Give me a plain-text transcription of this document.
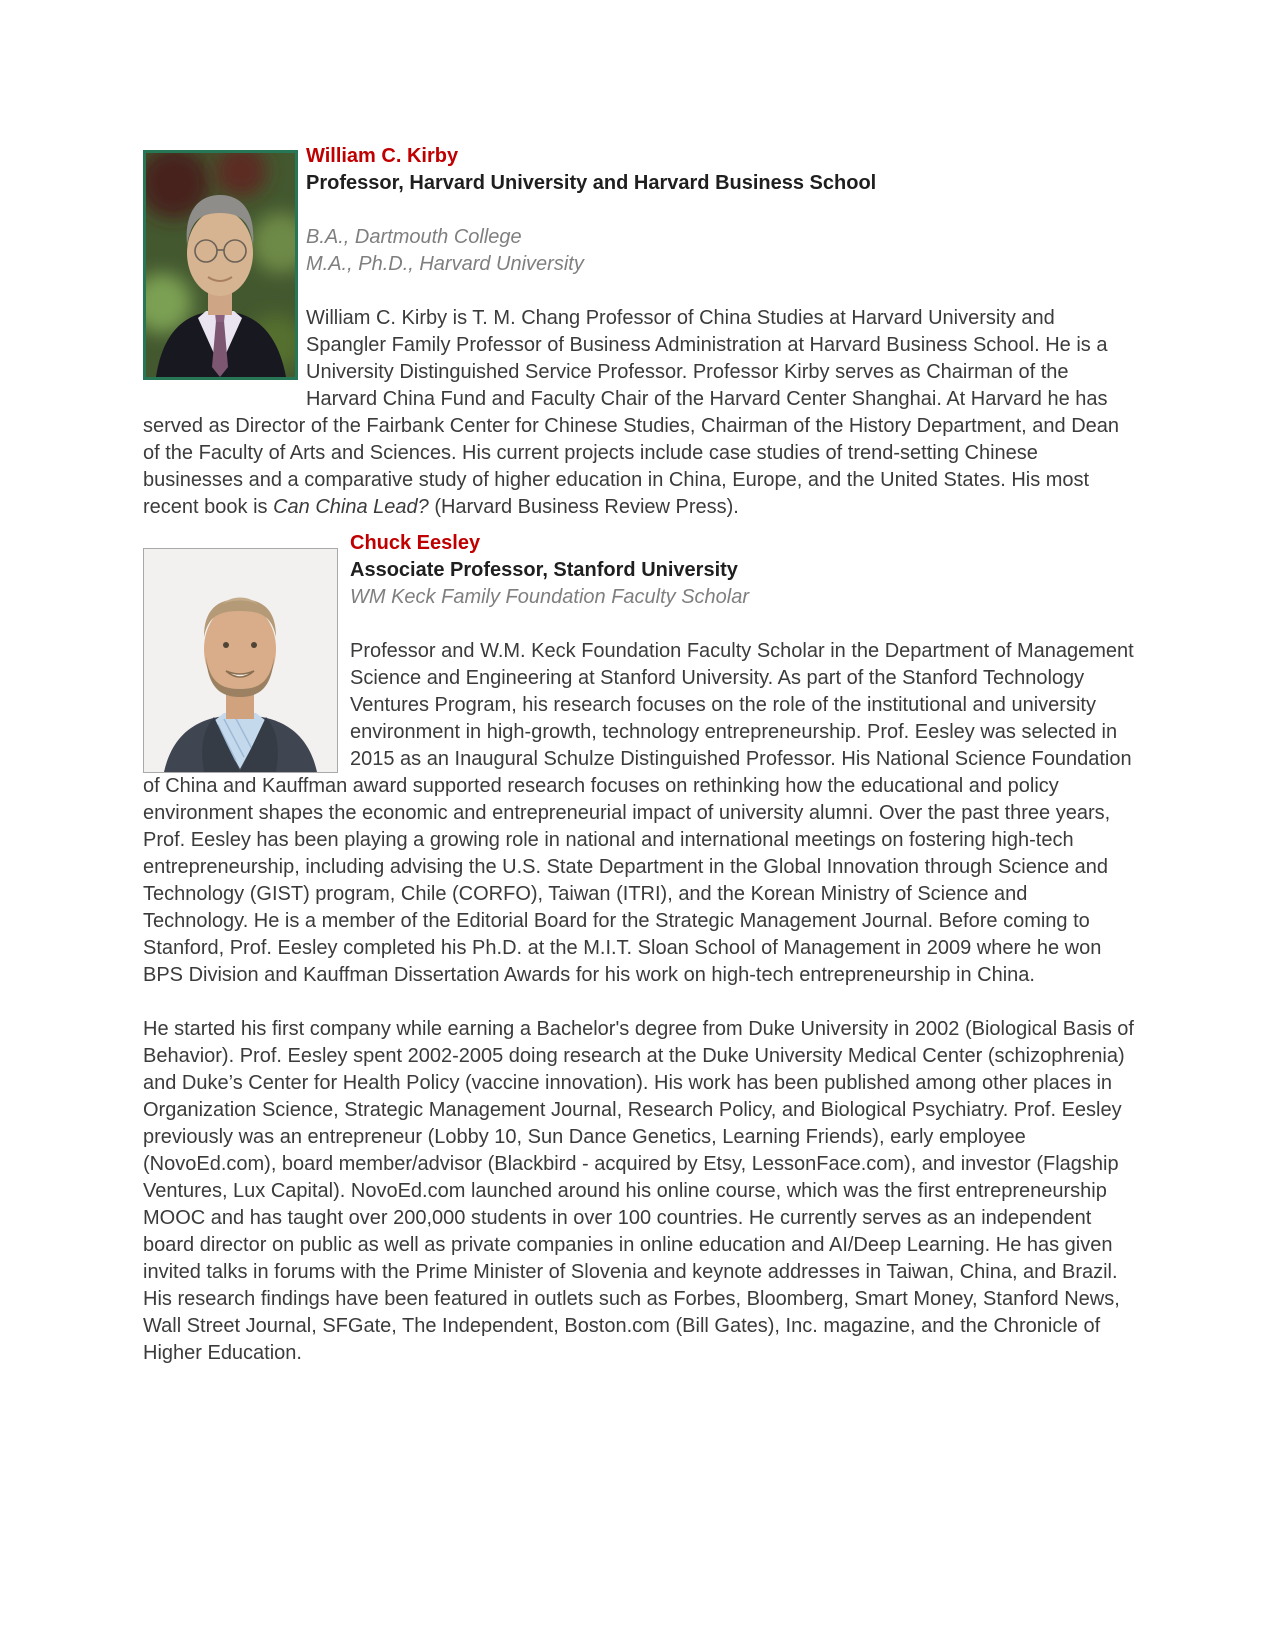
William C. Kirby
Professor, Harvard University and Harvard Business School
B.A., Dartmouth College
M.A., Ph.D., Harvard University
William C. Kirby is T. M. Chang Professor of China Studies at Harvard University and Spangler Family Professor of Business Administration at Harvard Business School. He is a University Distinguished Service Professor. Professor Kirby serves as Chairman of the Harvard China Fund and Faculty Chair of the Harvard Center Shanghai. At Harvard he has served as Director of the Fairbank Center for Chinese Studies, Chairman of the History Department, and Dean of the Faculty of Arts and Sciences. His current projects include case studies of trend-setting Chinese businesses and a comparative study of higher education in China, Europe, and the United States. His most recent book is Can China Lead? (Harvard Business Review Press).
Chuck Eesley
Associate Professor, Stanford University
WM Keck Family Foundation Faculty Scholar
Professor and W.M. Keck Foundation Faculty Scholar in the Department of Management Science and Engineering at Stanford University. As part of the Stanford Technology Ventures Program, his research focuses on the role of the institutional and university environment in high-growth, technology entrepreneurship. Prof. Eesley was selected in 2015 as an Inaugural Schulze Distinguished Professor. His National Science Foundation of China and Kauffman award supported research focuses on rethinking how the educational and policy environment shapes the economic and entrepreneurial impact of university alumni. Over the past three years, Prof. Eesley has been playing a growing role in national and international meetings on fostering high-tech entrepreneurship, including advising the U.S. State Department in the Global Innovation through Science and Technology (GIST) program, Chile (CORFO), Taiwan (ITRI), and the Korean Ministry of Science and Technology. He is a member of the Editorial Board for the Strategic Management Journal. Before coming to Stanford, Prof. Eesley completed his Ph.D. at the M.I.T. Sloan School of Management in 2009 where he won BPS Division and Kauffman Dissertation Awards for his work on high-tech entrepreneurship in China.
He started his first company while earning a Bachelor's degree from Duke University in 2002 (Biological Basis of Behavior). Prof. Eesley spent 2002-2005 doing research at the Duke University Medical Center (schizophrenia) and Duke’s Center for Health Policy (vaccine innovation). His work has been published among other places in Organization Science, Strategic Management Journal, Research Policy, and Biological Psychiatry. Prof. Eesley previously was an entrepreneur (Lobby 10, Sun Dance Genetics, Learning Friends), early employee (NovoEd.com), board member/advisor (Blackbird - acquired by Etsy, LessonFace.com), and investor (Flagship Ventures, Lux Capital). NovoEd.com launched around his online course, which was the first entrepreneurship MOOC and has taught over 200,000 students in over 100 countries. He currently serves as an independent board director on public as well as private companies in online education and AI/Deep Learning. He has given invited talks in forums with the Prime Minister of Slovenia and keynote addresses in Taiwan, China, and Brazil. His research findings have been featured in outlets such as Forbes, Bloomberg, Smart Money, Stanford News, Wall Street Journal, SFGate, The Independent, Boston.com (Bill Gates), Inc. magazine, and the Chronicle of Higher Education.
